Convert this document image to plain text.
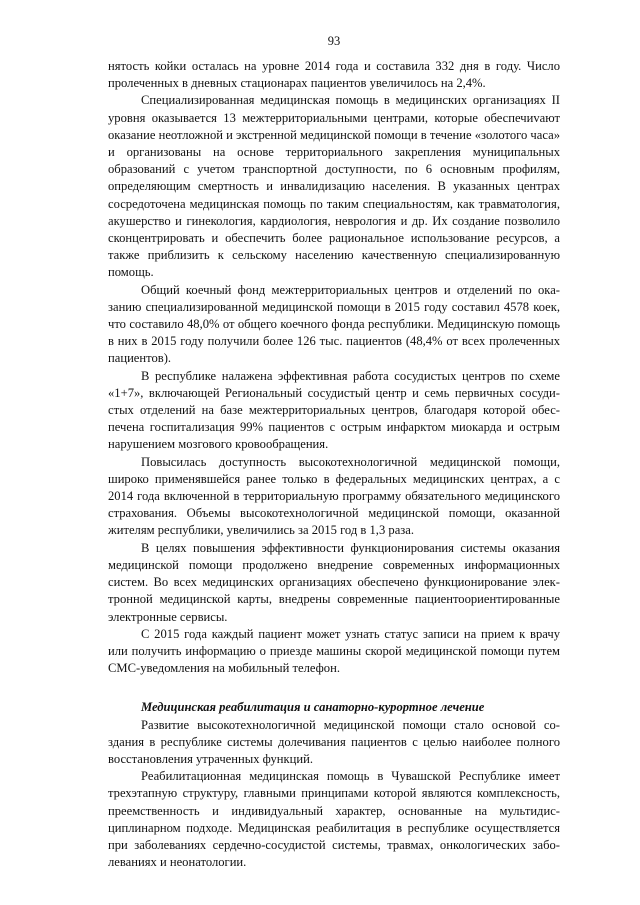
93

нятость койки осталась на уровне 2014 года и составила 332 дня в году. Число пролеченных в дневных стационарах пациентов увеличилось на 2,4%.

Специализированная медицинская помощь в медицинских организациях II уровня оказывается 13 межтерриториальными центрами, которые обеспечиvают оказание неотложной и экстренной медицинской помощи в течение «золотого часа» и организованы на основе территориального закрепления муниципальных образований с учетом транспортной доступности, по 6 основным профилям, определяющим смертность и инвалидизацию населения. В указанных центрах сосредоточена медицинская помощь по таким специальностям, как травматология, акушерство и гинекология, кардиология, неврология и др. Их создание позволило сконцентрировать и обеспечить более рациональное использование ресурсов, а также приблизить к сельскому населению качественную специализированную помощь.

Общий коечный фонд межтерриториальных центров и отделений по оказанию специализированной медицинской помощи в 2015 году составил 4578 коек, что составило 48,0% от общего коечного фонда республики. Медицинскую помощь в них в 2015 году получили более 126 тыс. пациентов (48,4% от всех пролеченных пациентов).

В республике налажена эффективная работа сосудистых центров по схеме «1+7», включающей Региональный сосудистый центр и семь первичных сосудистых отделений на базе межтерриториальных центров, благодаря которой обеспечена госпитализация 99% пациентов с острым инфарктом миокарда и острым нарушением мозгового кровообращения.

Повысилась доступность высокотехнологичной медицинской помощи, широко применявшейся ранее только в федеральных медицинских центрах, а с 2014 года включенной в территориальную программу обязательного медицинского страхования. Объемы высокотехнологичной медицинской помощи, оказанной жителям республики, увеличились за 2015 год в 1,3 раза.

В целях повышения эффективности функционирования системы оказания медицинской помощи продолжено внедрение современных информационных систем. Во всех медицинских организациях обеспечено функционирование электронной медицинской карты, внедрены современные пациентоориентированные электронные сервисы.

С 2015 года каждый пациент может узнать статус записи на прием к врачу или получить информацию о приезде машины скорой медицинской помощи путем СМС-уведомления на мобильный телефон.

Медицинская реабилитация и санаторно-курортное лечение

Развитие высокотехнологичной медицинской помощи стало основой создания в республике системы долечивания пациентов с целью наиболее полного восстановления утраченных функций.

Реабилитационная медицинская помощь в Чувашской Республике имеет трехэтапную структуру, главными принципами которой являются комплексность, преемственность и индивидуальный характер, основанные на мультидисциплинарном подходе. Медицинская реабилитация в республике осуществляется при заболеваниях сердечно-сосудистой системы, травмах, онкологических заболеваниях и неонатологии.
